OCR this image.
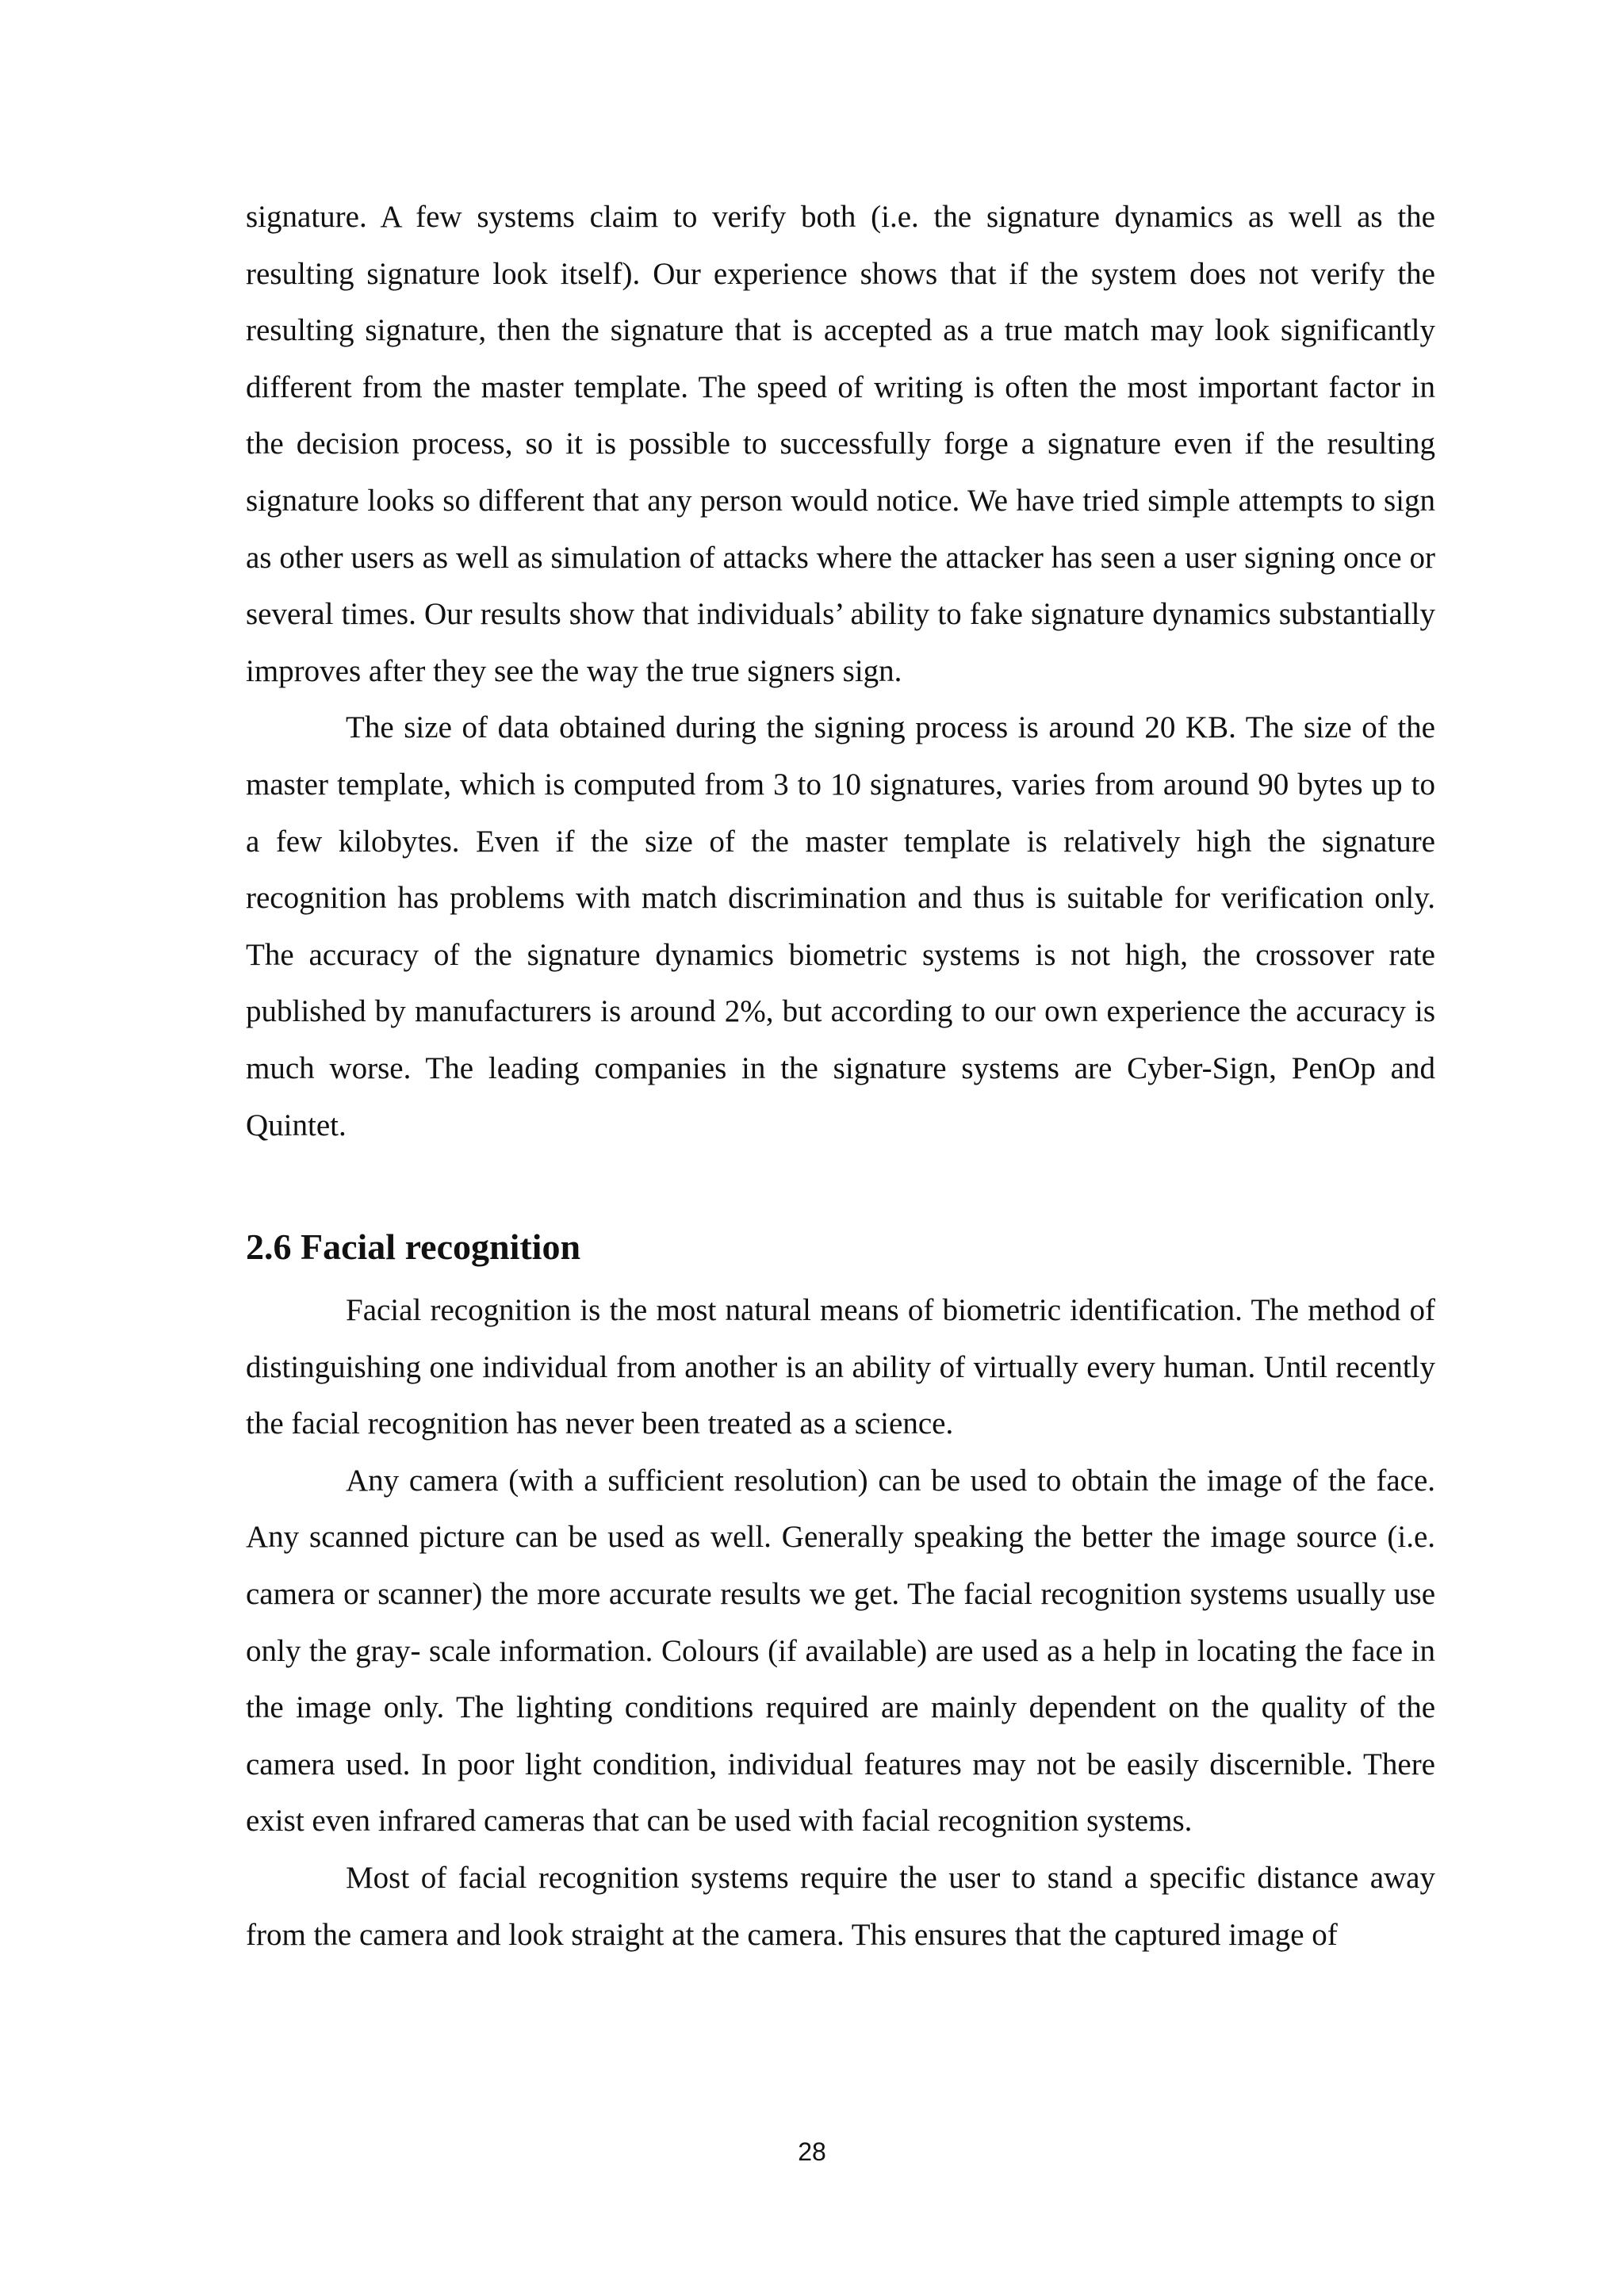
signature. A few systems claim to verify both (i.e. the signature dynamics as well as the resulting signature look itself). Our experience shows that if the system does not verify the resulting signature, then the signature that is accepted as a true match may look significantly different from the master template. The speed of writing is often the most important factor in the decision process, so it is possible to successfully forge a signature even if the resulting signature looks so different that any person would notice. We have tried simple attempts to sign as other users as well as simulation of attacks where the attacker has seen a user signing once or several times. Our results show that individuals’ ability to fake signature dynamics substantially improves after they see the way the true signers sign.

The size of data obtained during the signing process is around 20 KB. The size of the master template, which is computed from 3 to 10 signatures, varies from around 90 bytes up to a few kilobytes. Even if the size of the master template is relatively high the signature recognition has problems with match discrimination and thus is suitable for verification only. The accuracy of the signature dynamics biometric systems is not high, the crossover rate published by manufacturers is around 2%, but according to our own experience the accuracy is much worse. The leading companies in the signature systems are Cyber-Sign, PenOp and Quintet.

2.6 Facial recognition

Facial recognition is the most natural means of biometric identification. The method of distinguishing one individual from another is an ability of virtually every human. Until recently the facial recognition has never been treated as a science.

Any camera (with a sufficient resolution) can be used to obtain the image of the face. Any scanned picture can be used as well. Generally speaking the better the image source (i.e. camera or scanner) the more accurate results we get. The facial recognition systems usually use only the gray- scale information. Colours (if available) are used as a help in locating the face in the image only. The lighting conditions required are mainly dependent on the quality of the camera used. In poor light condition, individual features may not be easily discernible. There exist even infrared cameras that can be used with facial recognition systems.

Most of facial recognition systems require the user to stand a specific distance away from the camera and look straight at the camera. This ensures that the captured image of

28
